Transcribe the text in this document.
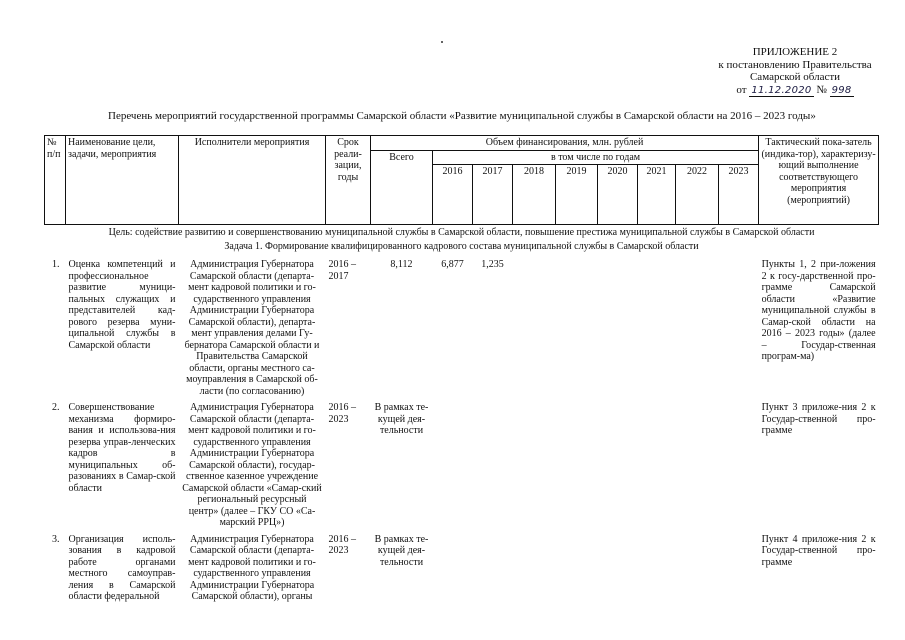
ПРИЛОЖЕНИЕ 2
к постановлению Правительства
Самарской области
от 11.12.2020 № 998
Перечень мероприятий государственной программы Самарской области «Развитие муниципальной службы в Самарской области на 2016 – 2023 годы»
№ п/п	Наименование цели, задачи, мероприятия	Исполнители мероприятия	Срок реали-зации, годы	Объем финансирования, млн. рублей									Тактический пока-затель (индика-тор), характеризу-ющий выполнение соответствующего мероприятия (мероприятий)
				Всего	в том числе по годам								
					2016	2017	2018	2019	2020	2021	2022	2023	
Цель: содействие развитию и совершенствованию муниципальной службы в Самарской области, повышение престижа муниципальной службы в Самарской области													
Задача 1. Формирование квалифицированного кадрового состава муниципальной службы в Самарской области													
1.	Оценка компетенций и профессиональное развитие муници-пальных служащих и представителей кад-рового резерва муни-ципальной службы в Самарской области	Администрация Губернатора Самарской области (департа-мент кадровой политики и го-сударственного управления Администрации Губернатора Самарской области), департа-мент управления делами Гу-бернатора Самарской области и Правительства Самарской области, органы местного са-моуправления в Самарской об-ласти (по согласованию)	2016 – 2017	8,112	6,877	1,235							Пункты 1, 2 при-ложения 2 к госу-дарственной про-грамме Самарской области «Развитие муниципальной службы в Самар-ской области на 2016 – 2023 годы» (далее – Государ-ственная програм-ма)
2.	Совершенствование механизма формиро-вания и использова-ния резерва управ-ленческих кадров в муниципальных об-разованиях в Самар-ской области	Администрация Губернатора Самарской области (департа-мент кадровой политики и го-сударственного управления Администрации Губернатора Самарской области), государ-ственное казенное учреждение Самарской области «Самар-ский региональный ресурсный центр» (далее – ГКУ СО «Са-марский РРЦ»)	2016 – 2023	В рамках те-кущей дея-тельности									Пункт 3 приложе-ния 2 к Государ-ственной про-грамме
3.	Организация исполь-зования в кадровой работе органами местного самоупрaв-ления в Самарской области федеральной	Администрация Губернатора Самарской области (департа-мент кадровой политики и го-сударственного управления Администрации Губернатора Самарской области), органы	2016 – 2023	В рамках те-кущей дея-тельности									Пункт 4 приложе-ния 2 к Государ-ственной про-грамме
